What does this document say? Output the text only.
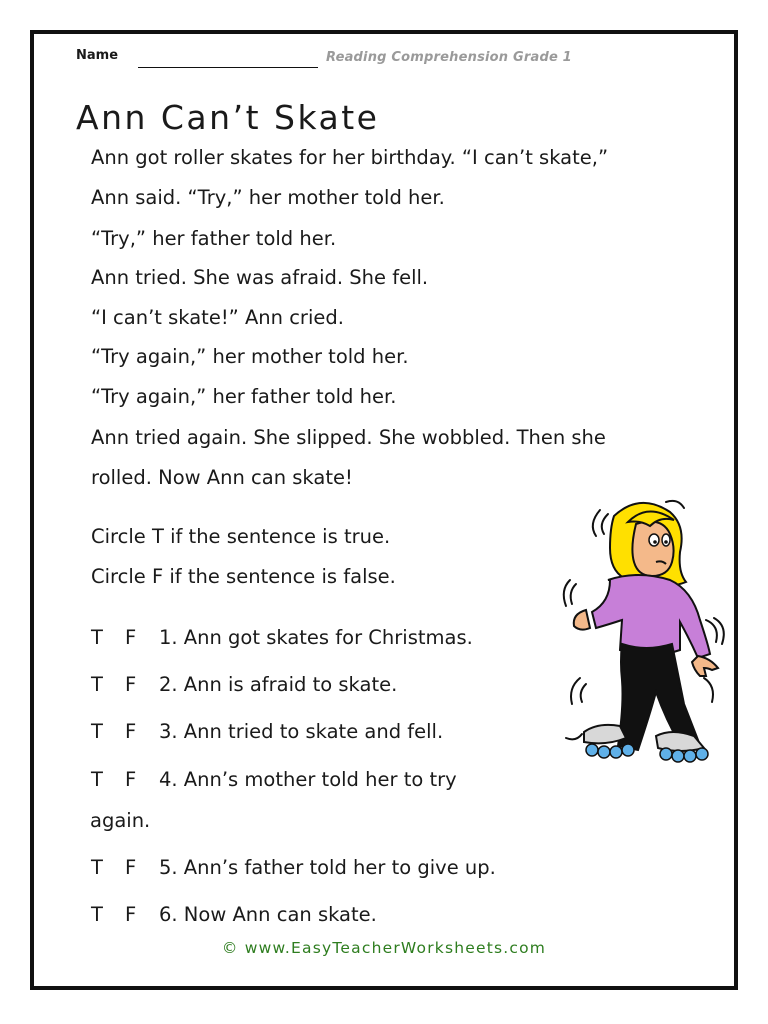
Name	Reading Comprehension Grade 1
Ann Can’t Skate
Ann got roller skates for her birthday. “I can’t skate,”
Ann said. “Try,” her mother told her.
“Try,” her father told her.
Ann tried. She was afraid. She fell.
“I can’t skate!” Ann cried.
“Try again,” her mother told her.
“Try again,” her father told her.
Ann tried again. She slipped. She wobbled. Then she
rolled. Now Ann can skate!
Circle T if the sentence is true.
Circle F if the sentence is false.
T F 1. Ann got skates for Christmas.
T F 2. Ann is afraid to skate.
T F 3. Ann tried to skate and fell.
T F 4. Ann’s mother told her to try
again.
T F 5. Ann’s father told her to give up.
T F 6. Now Ann can skate.
© www.EasyTeacherWorksheets.com
